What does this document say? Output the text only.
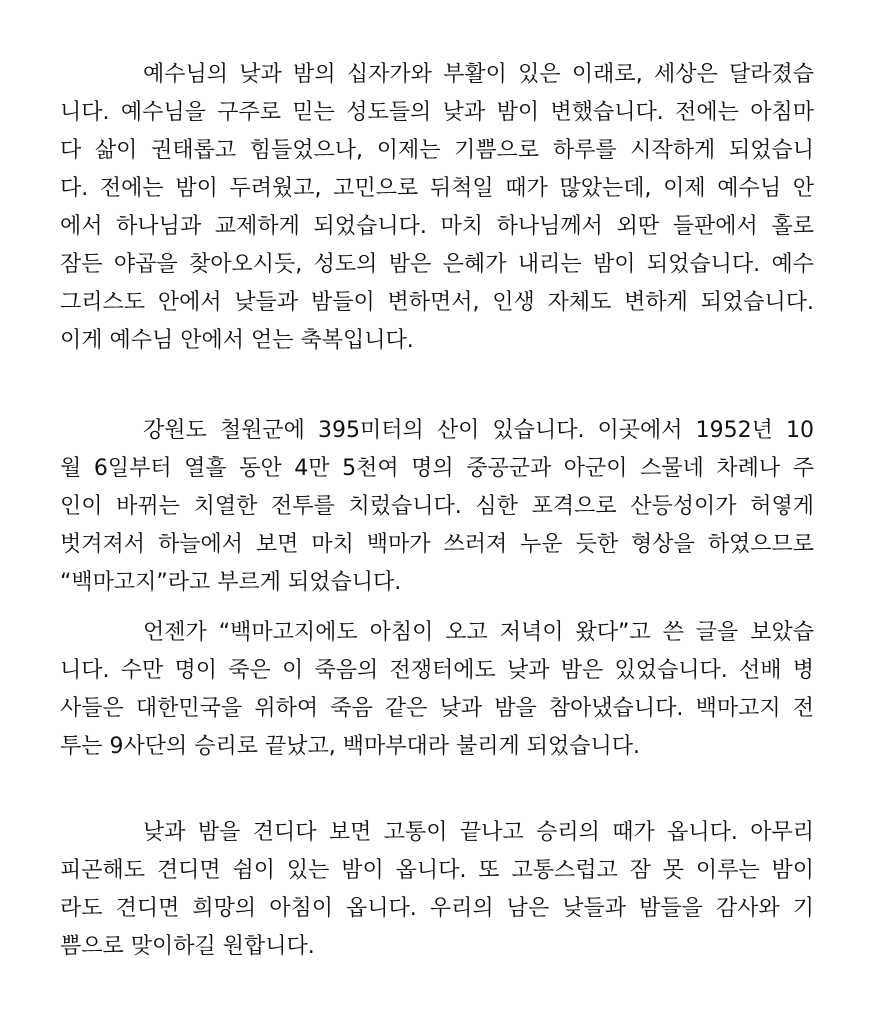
예수님의 낮과 밤의 십자가와 부활이 있은 이래로, 세상은 달라졌습

니다. 예수님을 구주로 믿는 성도들의 낮과 밤이 변했습니다. 전에는 아침마

다 삶이 권태롭고 힘들었으나, 이제는 기쁨으로 하루를 시작하게 되었습니

다. 전에는 밤이 두려웠고, 고민으로 뒤척일 때가 많았는데, 이제 예수님 안

에서 하나님과 교제하게 되었습니다. 마치 하나님께서 외딴 들판에서 홀로

잠든 야곱을 찾아오시듯, 성도의 밤은 은혜가 내리는 밤이 되었습니다. 예수

그리스도 안에서 낮들과 밤들이 변하면서, 인생 자체도 변하게 되었습니다.

이게 예수님 안에서 얻는 축복입니다.

강원도 철원군에 395미터의 산이 있습니다. 이곳에서 1952년 10

월 6일부터 열흘 동안 4만 5천여 명의 중공군과 아군이 스물네 차례나 주

인이 바뀌는 치열한 전투를 치렀습니다. 심한 포격으로 산등성이가 허옇게

벗겨져서 하늘에서 보면 마치 백마가 쓰러져 누운 듯한 형상을 하였으므로

“백마고지”라고 부르게 되었습니다.

언젠가 “백마고지에도 아침이 오고 저녁이 왔다”고 쓴 글을 보았습

니다. 수만 명이 죽은 이 죽음의 전쟁터에도 낮과 밤은 있었습니다. 선배 병

사들은 대한민국을 위하여 죽음 같은 낮과 밤을 참아냈습니다. 백마고지 전

투는 9사단의 승리로 끝났고, 백마부대라 불리게 되었습니다.

낮과 밤을 견디다 보면 고통이 끝나고 승리의 때가 옵니다. 아무리

피곤해도 견디면 쉼이 있는 밤이 옵니다. 또 고통스럽고 잠 못 이루는 밤이

라도 견디면 희망의 아침이 옵니다. 우리의 남은 낮들과 밤들을 감사와 기

쁨으로 맞이하길 원합니다.
